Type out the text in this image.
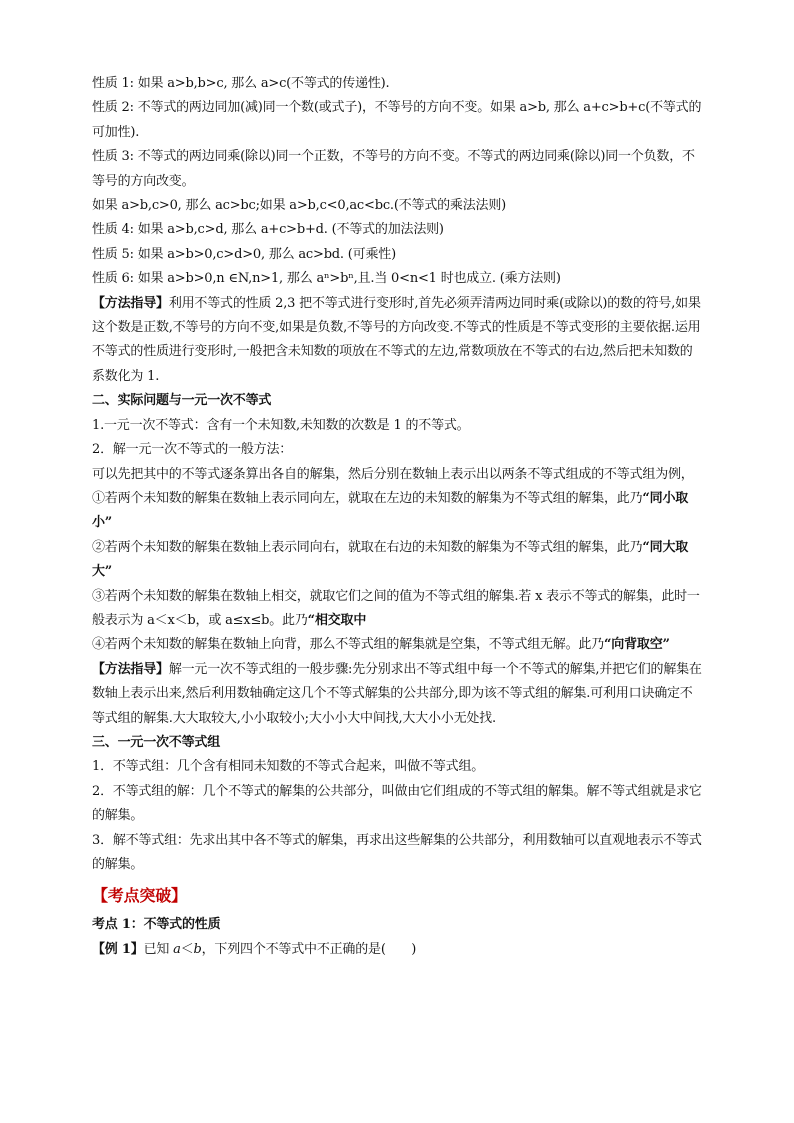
性质 1: 如果 a>b,b>c, 那么 a>c(不等式的传递性).

性质 2: 不等式的两边同加(减)同一个数(或式子)，不等号的方向不变。如果 a>b, 那么 a+c>b+c(不等式的可加性).

性质 3: 不等式的两边同乘(除以)同一个正数，不等号的方向不变。不等式的两边同乘(除以)同一个负数，不等号的方向改变。

如果 a>b,c>0, 那么 ac>bc;如果 a>b,c<0,ac<bc.(不等式的乘法法则)

性质 4: 如果 a>b,c>d, 那么 a+c>b+d. (不等式的加法法则)

性质 5: 如果 a>b>0,c>d>0, 那么 ac>bd. (可乘性)

性质 6: 如果 a>b>0,n ∈N,n>1, 那么 aⁿ>bⁿ,且.当 0<n<1 时也成立. (乘方法则)

【方法指导】利用不等式的性质 2,3 把不等式进行变形时,首先必须弄清两边同时乘(或除以)的数的符号,如果这个数是正数,不等号的方向不变,如果是负数,不等号的方向改变.不等式的性质是不等式变形的主要依据.运用不等式的性质进行变形时,一般把含未知数的项放在不等式的左边,常数项放在不等式的右边,然后把未知数的系数化为 1.

二、实际问题与一元一次不等式

1.一元一次不等式：含有一个未知数,未知数的次数是 1 的不等式。

2．解一元一次不等式的一般方法：

可以先把其中的不等式逐条算出各自的解集，然后分别在数轴上表示出以两条不等式组成的不等式组为例，

①若两个未知数的解集在数轴上表示同向左，就取在左边的未知数的解集为不等式组的解集，此乃“同小取小”

②若两个未知数的解集在数轴上表示同向右，就取在右边的未知数的解集为不等式组的解集，此乃“同大取大”

③若两个未知数的解集在数轴上相交，就取它们之间的值为不等式组的解集.若 x 表示不等式的解集，此时一般表示为 a＜x＜b，或 a≤x≤b。此乃“相交取中

④若两个未知数的解集在数轴上向背，那么不等式组的解集就是空集，不等式组无解。此乃“向背取空”

【方法指导】解一元一次不等式组的一般步骤:先分别求出不等式组中每一个不等式的解集,并把它们的解集在数轴上表示出来,然后利用数轴确定这几个不等式解集的公共部分,即为该不等式组的解集.可利用口诀确定不等式组的解集.大大取较大,小小取较小;大小小大中间找,大大小小无处找.

三、一元一次不等式组

1．不等式组：几个含有相同未知数的不等式合起来，叫做不等式组。

2．不等式组的解：几个不等式的解集的公共部分，叫做由它们组成的不等式组的解集。解不等式组就是求它的解集。

3．解不等式组：先求出其中各不等式的解集，再求出这些解集的公共部分，利用数轴可以直观地表示不等式的解集。

【考点突破】

考点 1：不等式的性质

【例 1】已知 a＜b，下列四个不等式中不正确的是(　　)
